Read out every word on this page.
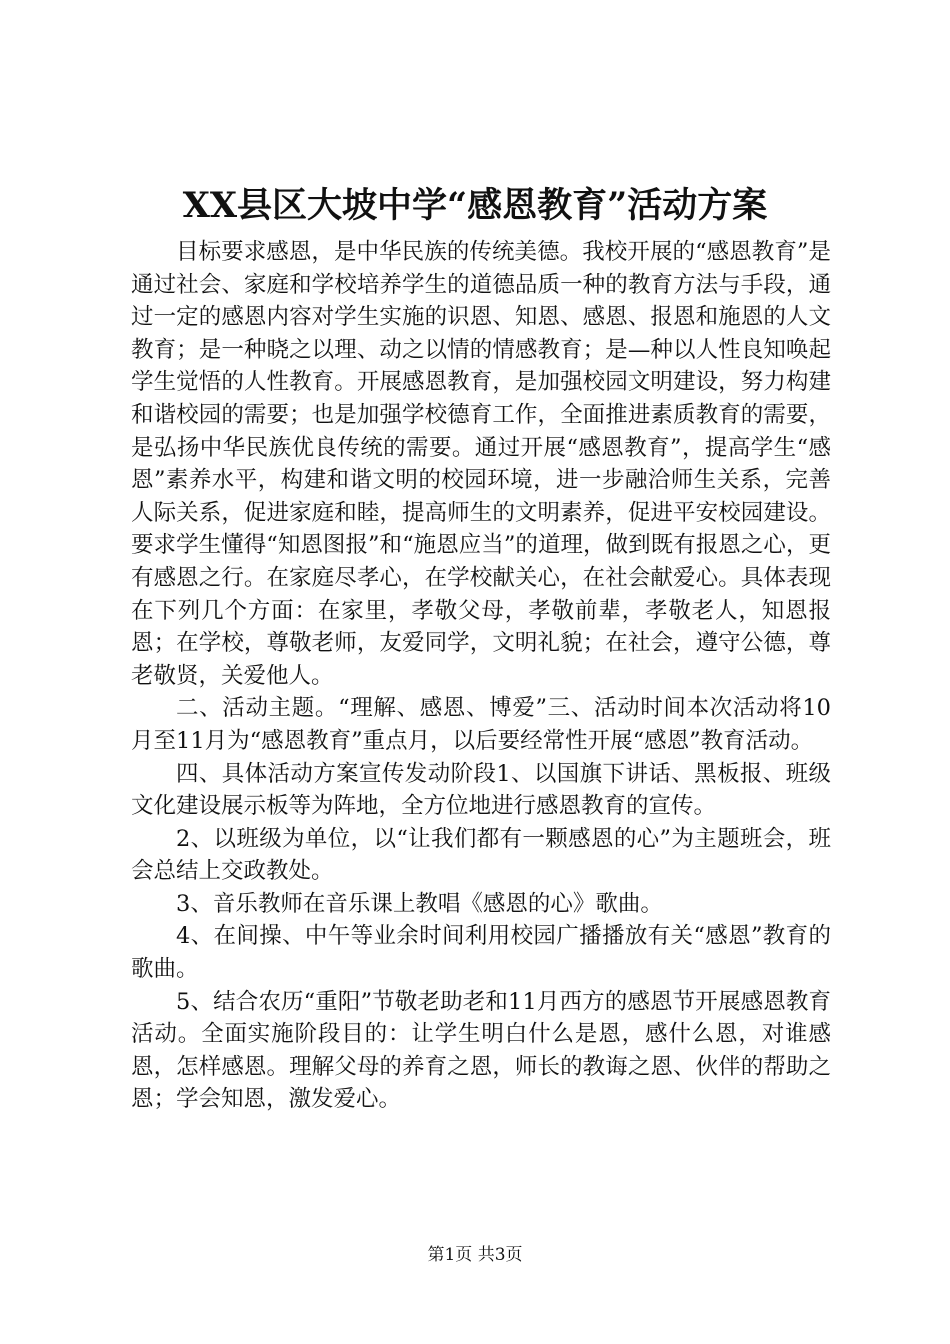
XX县区大坡中学“感恩教育”活动方案

目标要求感恩，是中华民族的传统美德。我校开展的“感恩教育”是通过社会、家庭和学校培养学生的道德品质一种的教育方法与手段，通过一定的感恩内容对学生实施的识恩、知恩、感恩、报恩和施恩的人文教育；是一种晓之以理、动之以情的情感教育；是—种以人性良知唤起学生觉悟的人性教育。开展感恩教育，是加强校园文明建设，努力构建和谐校园的需要；也是加强学校德育工作，全面推进素质教育的需要，是弘扬中华民族优良传统的需要。通过开展“感恩教育”，提高学生“感恩”素养水平，构建和谐文明的校园环境，进一步融洽师生关系，完善人际关系，促进家庭和睦，提高师生的文明素养，促进平安校园建设。要求学生懂得“知恩图报”和“施恩应当”的道理，做到既有报恩之心，更有感恩之行。在家庭尽孝心，在学校献关心，在社会献爱心。具体表现在下列几个方面：在家里，孝敬父母，孝敬前辈，孝敬老人，知恩报恩；在学校，尊敬老师，友爱同学，文明礼貌；在社会，遵守公德，尊老敬贤，关爱他人。

二、活动主题。“理解、感恩、博爱”三、活动时间本次活动将10月至11月为“感恩教育”重点月，以后要经常性开展“感恩”教育活动。

四、具体活动方案宣传发动阶段1、以国旗下讲话、黑板报、班级文化建设展示板等为阵地，全方位地进行感恩教育的宣传。

2、以班级为单位，以“让我们都有一颗感恩的心”为主题班会，班会总结上交政教处。

3、音乐教师在音乐课上教唱《感恩的心》歌曲。

4、在间操、中午等业余时间利用校园广播播放有关“感恩”教育的歌曲。

5、结合农历“重阳”节敬老助老和11月西方的感恩节开展感恩教育活动。全面实施阶段目的：让学生明白什么是恩，感什么恩，对谁感恩，怎样感恩。理解父母的养育之恩，师长的教诲之恩、伙伴的帮助之恩；学会知恩，激发爱心。

第1页 共3页
